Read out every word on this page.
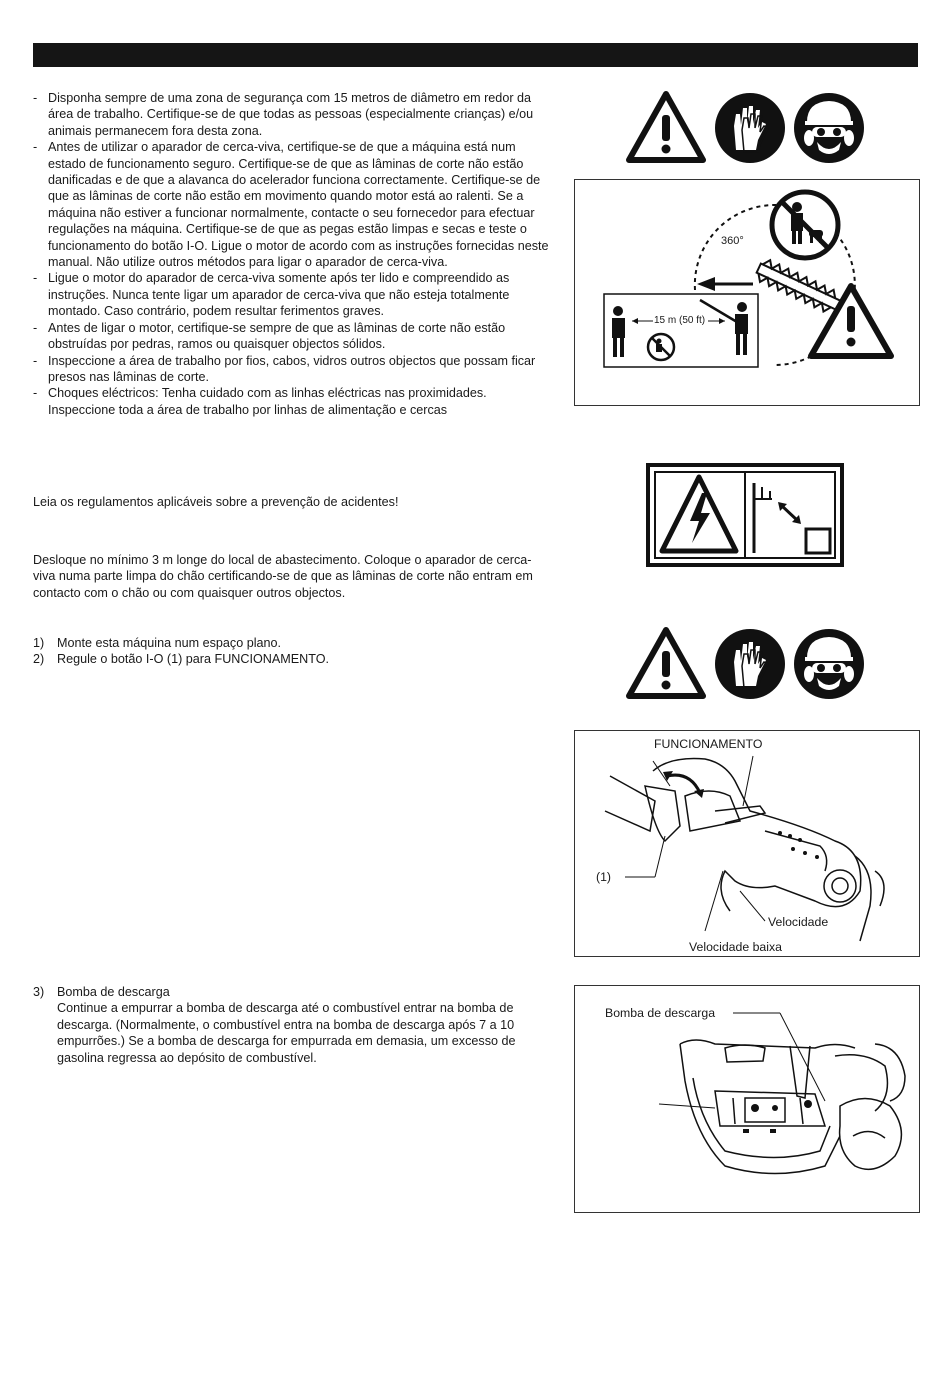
- Disponha sempre de uma zona de segurança com 15 metros de diâmetro em redor da área de trabalho. Certifique-se de que todas as pessoas (especialmente crianças) e/ou animais permanecem fora desta zona.
- Antes de utilizar o aparador de cerca-viva, certifique-se de que a máquina está num estado de funcionamento seguro. Certifique-se de que as lâminas de corte não estão danificadas e de que a alavanca do acelerador funciona correctamente. Certifique-se de que as lâminas de corte não estão em movimento quando motor está ao ralenti. Se a máquina não estiver a funcionar normalmente, contacte o seu fornecedor para efectuar regulações na máquina. Certifique-se de que as pegas estão limpas e secas e teste o funcionamento do botão I-O. Ligue o motor de acordo com as instruções fornecidas neste manual. Não utilize outros métodos para ligar o aparador de cerca-viva.
- Ligue o motor do aparador de cerca-viva somente após ter lido e compreendido as instruções. Nunca tente ligar um aparador de cerca-viva que não esteja totalmente montado. Caso contrário, podem resultar ferimentos graves.
- Antes de ligar o motor, certifique-se sempre de que as lâminas de corte não estão obstruídas por pedras, ramos ou quaisquer objectos sólidos.
- Inspeccione a área de trabalho por fios, cabos, vidros outros objectos que possam ficar presos nas lâminas de corte.
- Choques eléctricos: Tenha cuidado com as linhas eléctricas nas proximidades. Inspeccione toda a área de trabalho por linhas de alimentação e cercas
Leia os regulamentos aplicáveis sobre a prevenção de acidentes!
Desloque no mínimo 3 m longe do local de abastecimento. Coloque o aparador de cerca-viva numa parte limpa do chão certificando-se de que as lâminas de corte não entram em contacto com o chão ou com quaisquer outros objectos.
1) Monte esta máquina num espaço plano.
2) Regule o botão I-O (1) para FUNCIONAMENTO.
3) Bomba de descarga
Continue a empurrar a bomba de descarga até o combustível entrar na bomba de descarga. (Normalmente, o combustível entra na bomba de descarga após 7 a 10 empurrões.) Se a bomba de descarga for empurrada em demasia, um excesso de gasolina regressa ao depósito de combustível.
360°
15 m (50 ft)
FUNCIONAMENTO
(1)
Velocidade
Velocidade baixa
Bomba de descarga
